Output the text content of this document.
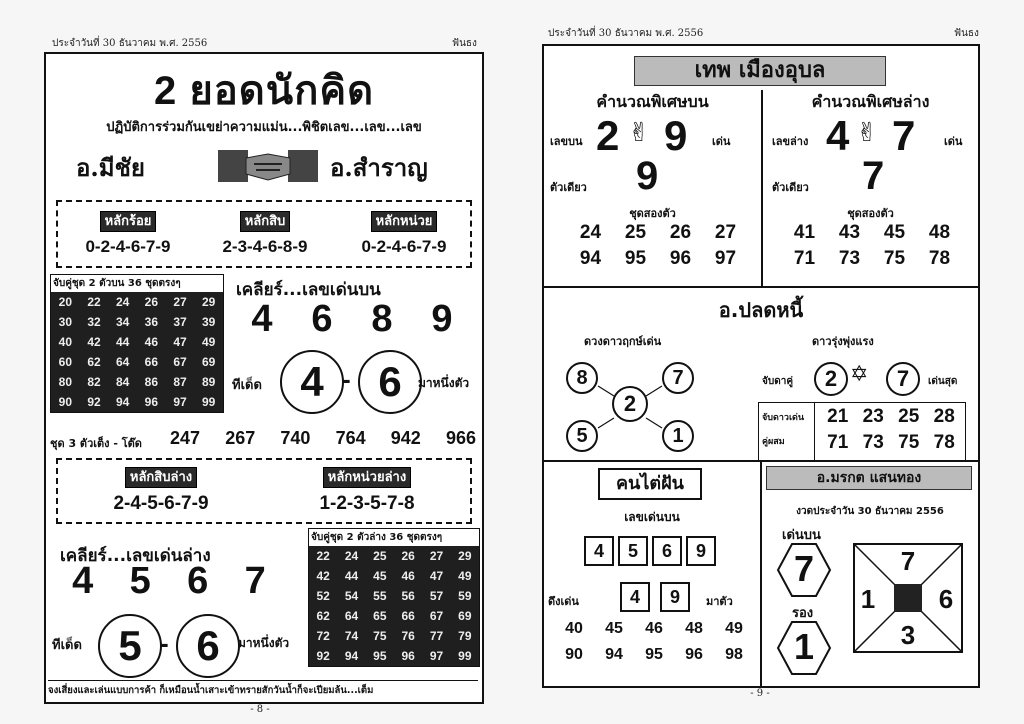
ประจำวันที่ 30 ธันวาคม พ.ศ. 2556	ฟันธง
2 ยอดนักคิด
ปฏิบัติการร่วมกันเขย่าความแม่น...พิชิตเลข...เลข...เลข
อ.มีชัย	อ.สำราญ
หลักร้อย
0-2-4-6-7-9
หลักสิบ
2-3-4-6-8-9
หลักหน่วย
0-2-4-6-7-9
จับคู่ชุด 2 ตัวบน 36 ชุดตรงๆ
20	22	24	26	27	29
30	32	34	36	37	39
40	42	44	46	47	49
60	62	64	66	67	69
80	82	84	86	87	89
90	92	94	96	97	99
เคลียร์...เลขเด่นบน
4 6 8 9
ทีเด็ด 4 - 6	มาหนึ่งตัว
ชุด 3 ตัวเต็ง - โต๊ด 247 267 740 764 942 966
หลักสิบล่าง
2-4-5-6-7-9
หลักหน่วยล่าง
1-2-3-5-7-8
เคลียร์...เลขเด่นล่าง
4 5 6 7
ทีเด็ด 5 - 6	มาหนึ่งตัว
จับคู่ชุด 2 ตัวล่าง 36 ชุดตรงๆ
22	24	25	26	27	29
42	44	45	46	47	49
52	54	55	56	57	59
62	64	65	66	67	69
72	74	75	76	77	79
92	94	95	96	97	99
จงเสี่ยงและเล่นแบบการค้า ก็เหมือนน้ำเสาะเข้าทรายสักวันน้ำก็จะเปียมล้น...เต็ม
- 8 -
ประจำวันที่ 30 ธันวาคม พ.ศ. 2556	ฟันธง
เทพ เมืองอุบล
คำนวณพิเศษบน
เลขบน 2 ✌ 9 เด่น
ตัวเดียว 9
ชุดสองตัว
24	25	26	27
94	95	96	97
คำนวณพิเศษล่าง
เลขล่าง 4 ✌ 7	เด่น
ตัวเดียว 7
ชุดสองตัว
41	43	45	48
71	73	75	78
อ.ปลดหนี้
ดวงดาวฤกษ์เด่น
8	7
2
5	1
ดาวรุ่งพุ่งแรง
จับดาคู่	2 ✡	7	เด่นสุด
จับดาวเด่น
คู่ผสม
21 23 25 28
71 73 75 78
คนไต่ฝัน
เลขเด่นบน
4	5	6	9
ดึงเด่น	4	9	มาตัว
40	45	46	48	49
90	94	95	96	98
อ.มรกต แสนทอง
งวดประจำวัน 30 ธันวาคม 2556
เด่นบน
7
รอง
1
7
1 6
3
- 9 -
